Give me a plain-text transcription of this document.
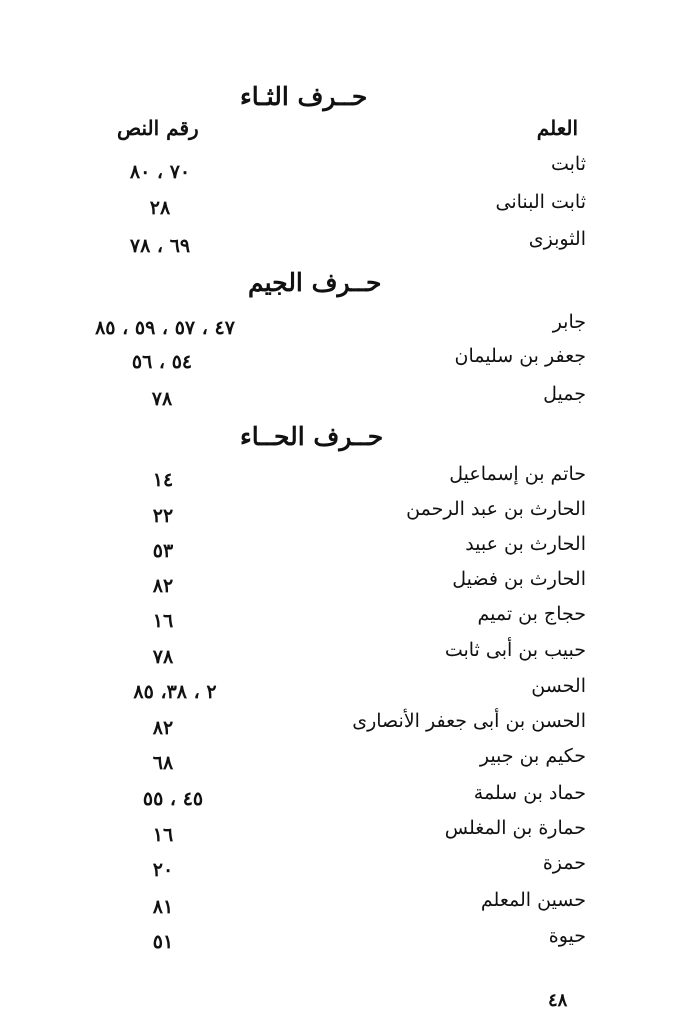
حــرف الثـاء
العلم
رقم النص
ثابت
٧٠ ، ٨٠
ثابت البنانى
٢٨
الثوبزى
٦٩ ، ٧٨
حــرف الجيم
جابر
٤٧ ، ٥٧ ، ٥٩ ، ٨٥
جعفر بن سليمان
٥٤ ، ٥٦
جميل
٧٨
حــرف الحــاء
حاتم بن إسماعيل
١٤
الحارث بن عبد الرحمن
٢٢
الحارث بن عبيد
٥٣
الحارث بن فضيل
٨٢
حجاج بن تميم
١٦
حبيب بن أبى ثابت
٧٨
الحسن
٢ ، ٣٨، ٨٥
الحسن بن أبى جعفر الأنصارى
٨٢
حكيم بن جبير
٦٨
حماد بن سلمة
٤٥ ، ٥٥
حمارة بن المغلس
١٦
حمزة
٢٠
حسين المعلم
٨١
حيوة
٥١
٤٨
